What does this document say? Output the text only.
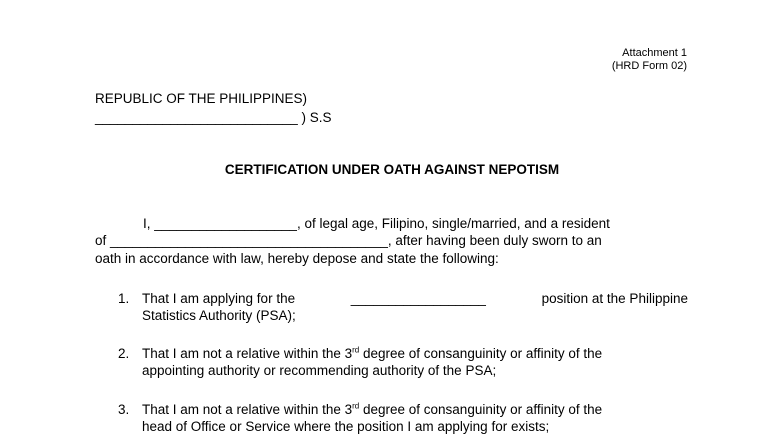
Attachment 1
(HRD Form 02)
REPUBLIC OF THE PHILIPPINES)
___________________________ ) S.S
CERTIFICATION UNDER OATH AGAINST NEPOTISM
I, ___________________, of legal age, Filipino, single/married, and a resident
of _____________________________________, after having been duly sworn to an
oath in accordance with law, hereby depose and state the following:
1. That I am applying for the	__________________	position at the Philippine
Statistics Authority (PSA);
2. That I am not a relative within the 3rd degree of consanguinity or affinity of the
appointing authority or recommending authority of the PSA;
3. That I am not a relative within the 3rd degree of consanguinity or affinity of the
head of Office or Service where the position I am applying for exists;
